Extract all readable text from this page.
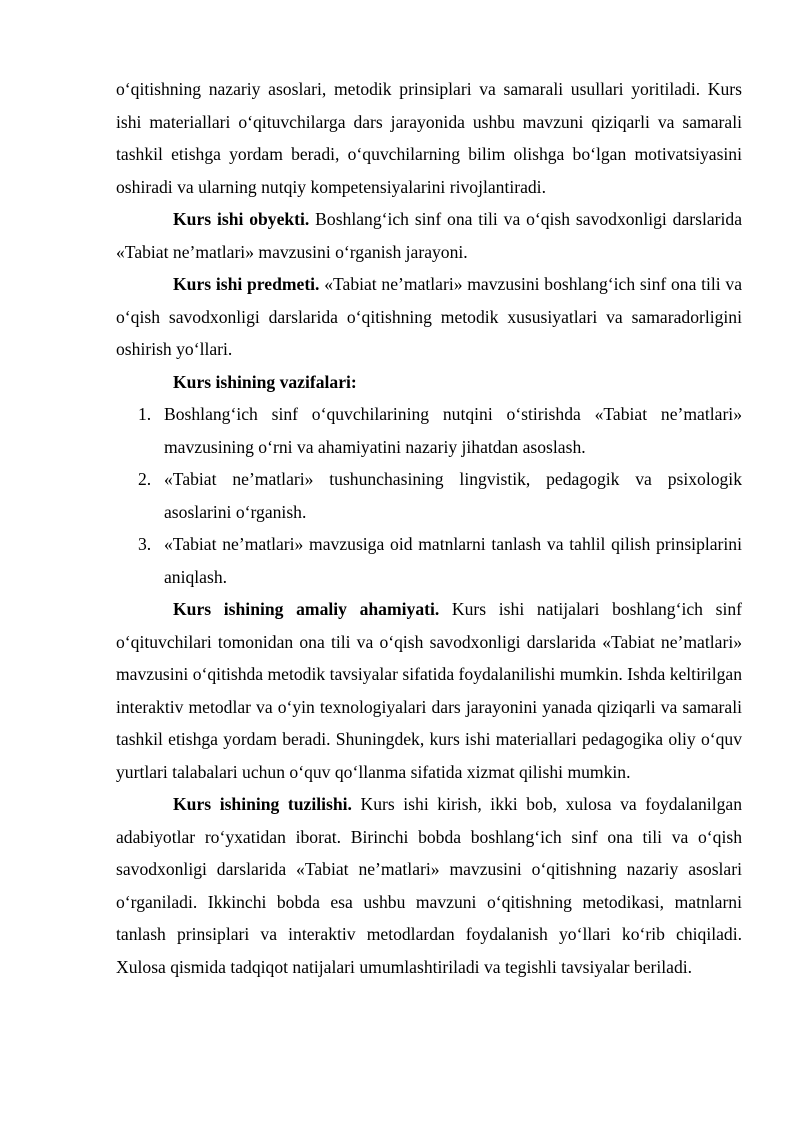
o‘qitishning nazariy asoslari, metodik prinsiplari va samarali usullari yoritiladi. Kurs ishi materiallari o‘qituvchilarga dars jarayonida ushbu mavzuni qiziqarli va samarali tashkil etishga yordam beradi, o‘quvchilarning bilim olishga bo‘lgan motivatsiyasini oshiradi va ularning nutqiy kompetensiyalarini rivojlantiradi.

Kurs ishi obyekti. Boshlang‘ich sinf ona tili va o‘qish savodxonligi darslarida «Tabiat ne’matlari» mavzusini o‘rganish jarayoni.

Kurs ishi predmeti. «Tabiat ne’matlari» mavzusini boshlang‘ich sinf ona tili va o‘qish savodxonligi darslarida o‘qitishning metodik xususiyatlari va samaradorligini oshirish yo‘llari.

Kurs ishining vazifalari:

1. Boshlang‘ich sinf o‘quvchilarining nutqini o‘stirishda «Tabiat ne’matlari» mavzusining o‘rni va ahamiyatini nazariy jihatdan asoslash.
2. «Tabiat ne’matlari» tushunchasining lingvistik, pedagogik va psixologik asoslarini o‘rganish.
3. «Tabiat ne’matlari» mavzusiga oid matnlarni tanlash va tahlil qilish prinsiplarini aniqlash.

Kurs ishining amaliy ahamiyati. Kurs ishi natijalari boshlang‘ich sinf o‘qituvchilari tomonidan ona tili va o‘qish savodxonligi darslarida «Tabiat ne’matlari» mavzusini o‘qitishda metodik tavsiyalar sifatida foydalanilishi mumkin. Ishda keltirilgan interaktiv metodlar va o‘yin texnologiyalari dars jarayonini yanada qiziqarli va samarali tashkil etishga yordam beradi. Shuningdek, kurs ishi materiallari pedagogika oliy o‘quv yurtlari talabalari uchun o‘quv qo‘llanma sifatida xizmat qilishi mumkin.

Kurs ishining tuzilishi. Kurs ishi kirish, ikki bob, xulosa va foydalanilgan adabiyotlar ro‘yxatidan iborat. Birinchi bobda boshlang‘ich sinf ona tili va o‘qish savodxonligi darslarida «Tabiat ne’matlari» mavzusini o‘qitishning nazariy asoslari o‘rganiladi. Ikkinchi bobda esa ushbu mavzuni o‘qitishning metodikasi, matnlarni tanlash prinsiplari va interaktiv metodlardan foydalanish yo‘llari ko‘rib chiqiladi. Xulosa qismida tadqiqot natijalari umumlashtiriladi va tegishli tavsiyalar beriladi.
